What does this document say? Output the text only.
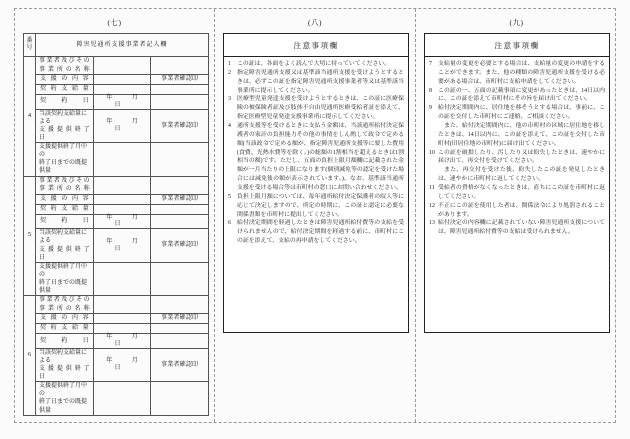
(七)
番
号	障害児通所支援事業者記入欄		
4	事業者及びその
事 業 所 の 名 称		

	支 援 の 内 容		事業者確認印
	契 約 支 給 量		
	契 約 日	年 月 日	

	当該契約支給量による
支 援 提 供 終 了 日	年 月 日	事業者確認印

	支援提供終了月中の
終了日までの既提供量		

5	事業者及びその
事 業 所 の 名 称		

	支 援 の 内 容		事業者確認印
	契 約 支 給 量		
	契 約 日	年 月 日	

	当該契約支給量による
支 援 提 供 終 了 日	年 月 日	事業者確認印

	支援提供終了月中の
終了日までの既提供量		

6	事業者及びその
事 業 所 の 名 称		

	支 援 の 内 容		事業者確認印
	契 約 支 給 量		
	契 約 日	年 月 日	

	当該契約支給量による
支 援 提 供 終 了 日	年 月 日	事業者確認印

	支援提供終了月中の
終了日までの既提供量		

(八)
注意事項欄
1	この証は、各面をよく読んで大切に持っていてください。
2	指定障害児通所支援又は基準該当通所支援を受けようとするときは、必ずこの証を指定障害児通所支援事業者等又は基準該当事業所に提示してください。
3	医療型児童発達支援を受けようとするときは、この証に医療保険の被保険者証及び肢体不自由児通所医療受給者証を添えて、指定医療型児童発達支援事業所に提示してください。
4	通所支援等を受けるときに支払う金額は、当該通所給付決定保護者の家計の負担能力その他の事情をしん酌して政令で定める額(当該政令で定める額が、指定障害児通所支援等に要した費用(食費、光熱水費等を除く。)の総額の1割相当を超えるときは1割相当の額)です。ただし、五面の負担上限月額欄に記載された金額が一月当たりの上限になります(個別減免等の認定を受けた場合には減免後の額が表示されています。)。なお、基準該当通所支援を受ける場合等は市町村の窓口にお問い合わせください。
5	負担上限月額については、毎年通所給付決定保護者の収入等に応じて決定しますので、所定の時期に、この証と認定に必要な関係書類を市町村に提出してください。
6	給付決定期間を経過したときは障害児通所給付費等の支給を受けられませんので、給付決定期間を経過する前に、市町村にこの証を添えて、支給の再申請をしてください。
(九)
注意事項欄
7	支給量の変更を必要とする場合は、支給量の変更の申請をすることができます。また、他の種類の障害児通所支援を受ける必要がある場合は、市町村に支給申請をしてください。
8	この証の一、五面の記載事項に変更があったときは、14日以内に、この証を添えて市町村にその旨を届け出てください。
9	給付決定期間内に、居住地を移そうとする場合は、事前に、この証を交付した市町村にご連絡、ご相談ください。
また、給付決定期間内に、他の市町村の区域に居住地を移したときは、14日以内に、この証を添えて、この証を交付した市町村(旧居住地の市町村)に届け出てください。
10 この証を破損したり、汚したり又は紛失したときは、速やかに届け出て、再交付を受けてください。
また、再交付を受けた後、紛失したこの証を発見したときは、速やかに市町村に返してください。
11 受給者の資格がなくなったときは、直ちにこの証を市町村に返してください。
12 不正にこの証を使用した者は、関係法令により処罰されることがあります。
13 給付決定の内容欄に記載されていない障害児通所支援については、障害児通所給付費等の支給は受けられません。
